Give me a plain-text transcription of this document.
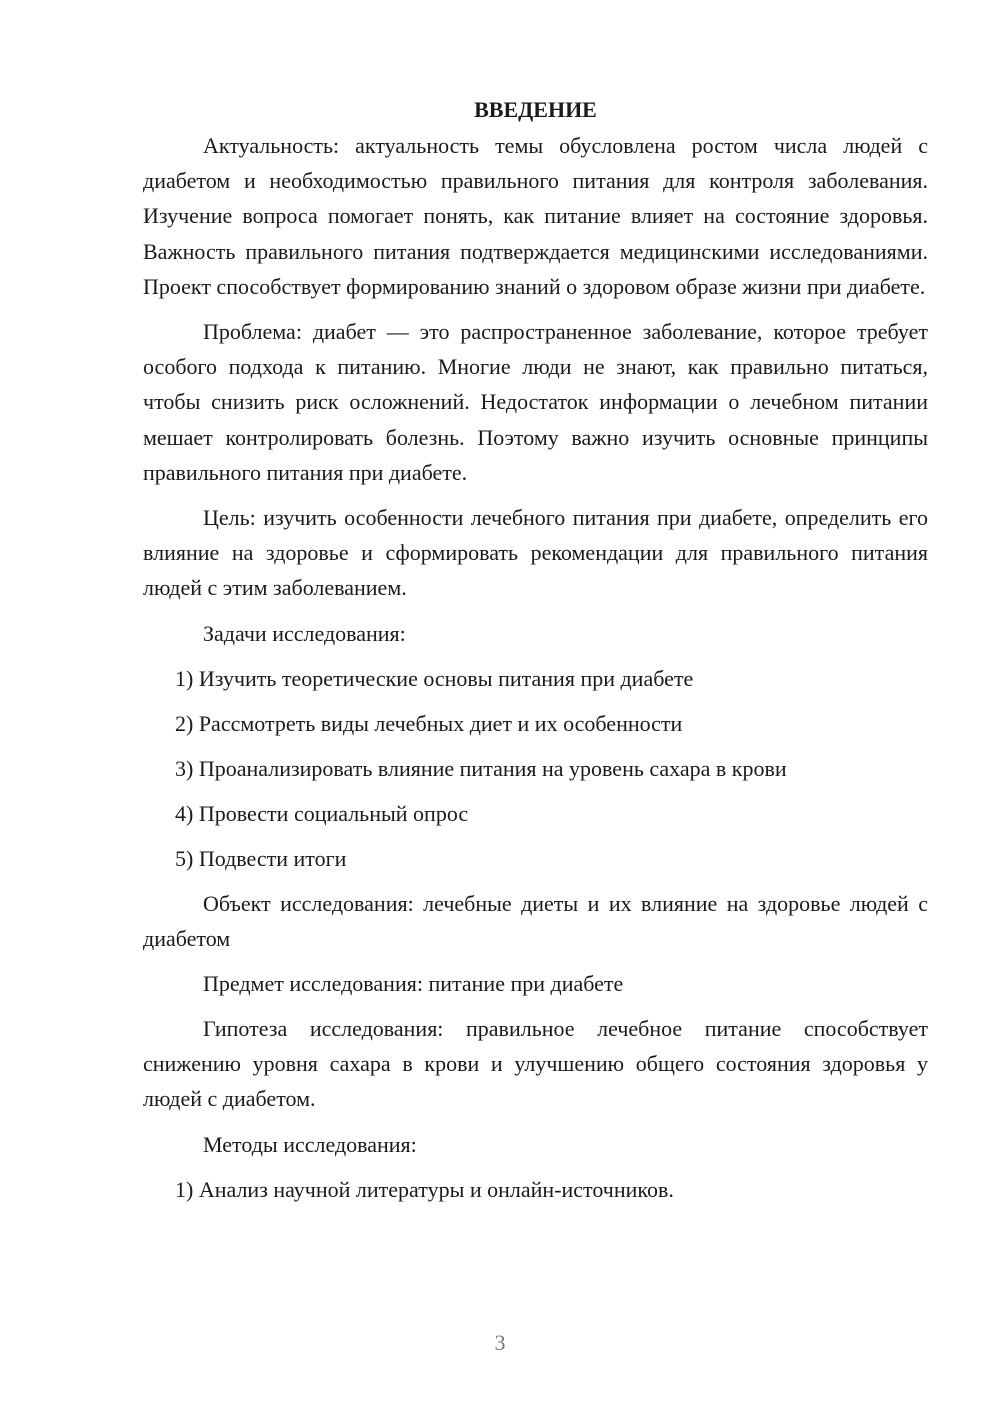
ВВЕДЕНИЕ

Актуальность: актуальность темы обусловлена ростом числа людей с диабетом и необходимостью правильного питания для контроля заболевания. Изучение вопроса помогает понять, как питание влияет на состояние здоровья. Важность правильного питания подтверждается медицинскими исследованиями. Проект способствует формированию знаний о здоровом образе жизни при диабете.

Проблема: диабет — это распространенное заболевание, которое требует особого подхода к питанию. Многие люди не знают, как правильно питаться, чтобы снизить риск осложнений. Недостаток информации о лечебном питании мешает контролировать болезнь. Поэтому важно изучить основные принципы правильного питания при диабете.

Цель: изучить особенности лечебного питания при диабете, определить его влияние на здоровье и сформировать рекомендации для правильного питания людей с этим заболеванием.

Задачи исследования:
1) Изучить теоретические основы питания при диабете
2) Рассмотреть виды лечебных диет и их особенности
3) Проанализировать влияние питания на уровень сахара в крови
4) Провести социальный опрос
5) Подвести итоги

Объект исследования: лечебные диеты и их влияние на здоровье людей с диабетом

Предмет исследования: питание при диабете

Гипотеза исследования: правильное лечебное питание способствует снижению уровня сахара в крови и улучшению общего состояния здоровья у людей с диабетом.

Методы исследования:
1) Анализ научной литературы и онлайн-источников.
3
